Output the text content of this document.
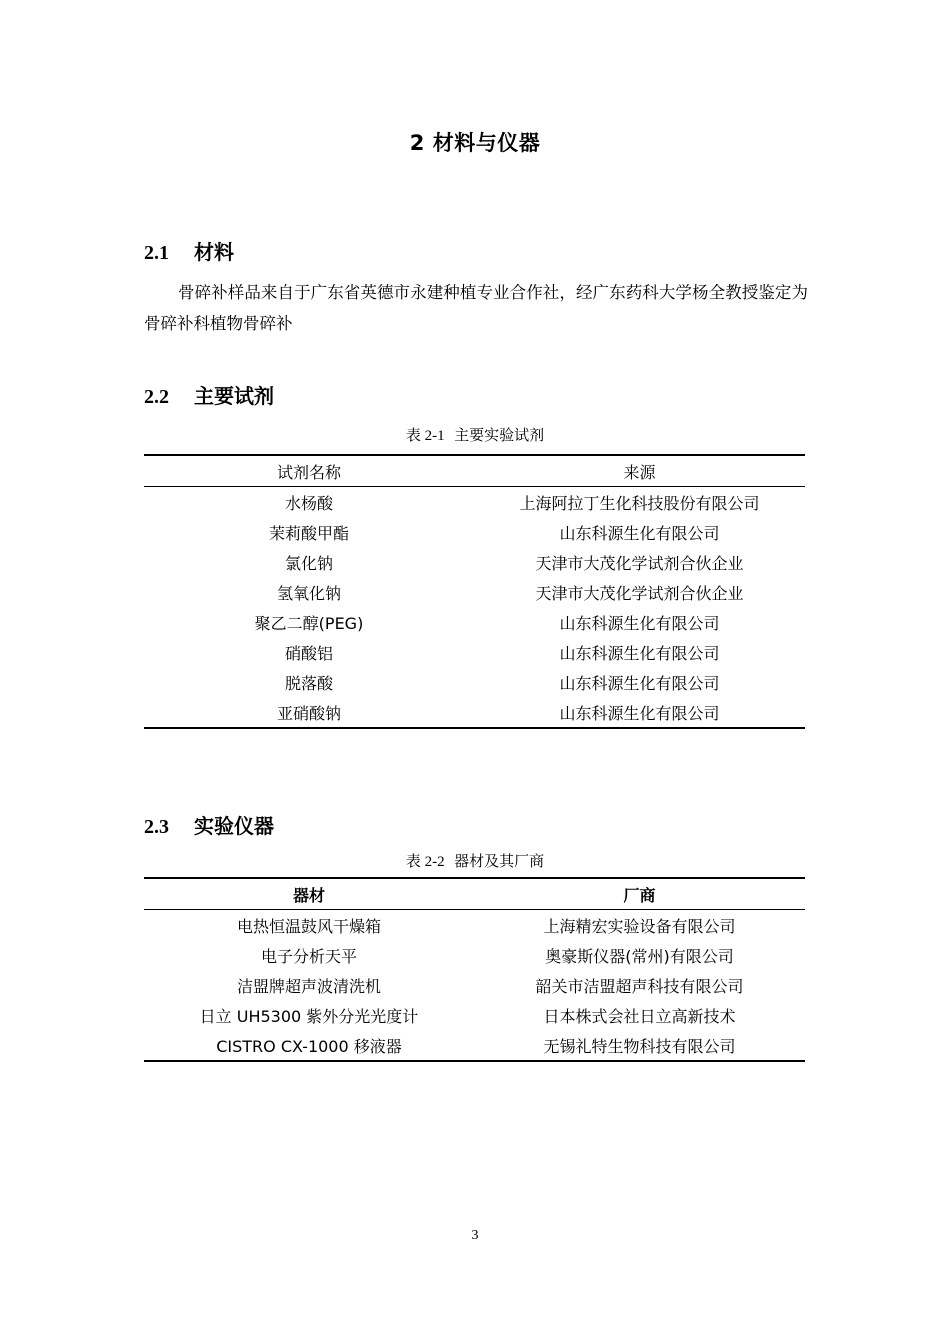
2 材料与仪器
2.1 材料
骨碎补样品来自于广东省英德市永建种植专业合作社，经广东药科大学杨全教授鉴定为骨碎补科植物骨碎补
2.2 主要试剂
表 2-1 主要实验试剂
试剂名称	来源
水杨酸	上海阿拉丁生化科技股份有限公司
茉莉酸甲酯	山东科源生化有限公司
氯化钠	天津市大茂化学试剂合伙企业
氢氧化钠	天津市大茂化学试剂合伙企业
聚乙二醇(PEG)	山东科源生化有限公司
硝酸铝	山东科源生化有限公司
脱落酸	山东科源生化有限公司
亚硝酸钠	山东科源生化有限公司
2.3 实验仪器
表 2-2 器材及其厂商
器材	厂商
电热恒温鼓风干燥箱	上海精宏实验设备有限公司
电子分析天平	奥豪斯仪器(常州)有限公司
洁盟牌超声波清洗机	韶关市洁盟超声科技有限公司
日立 UH5300 紫外分光光度计	日本株式会社日立高新技术
CISTRO CX-1000 移液器	无锡礼特生物科技有限公司
3
